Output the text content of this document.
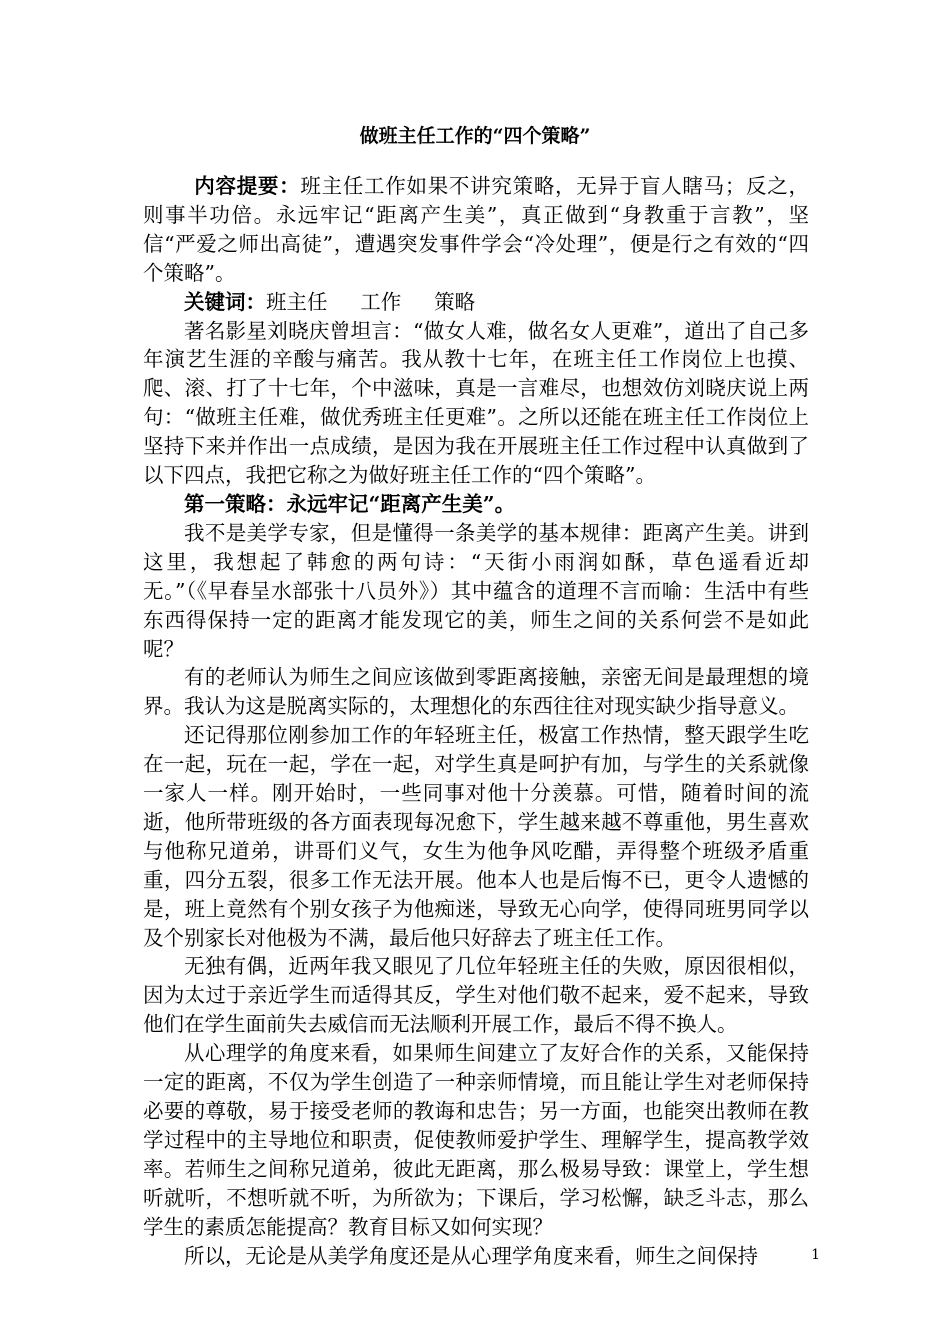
做班主任工作的“四个策略”

内容提要：班主任工作如果不讲究策略，无异于盲人瞎马；反之，则事半功倍。永远牢记“距离产生美”，真正做到“身教重于言教”，坚信“严爱之师出高徒”，遭遇突发事件学会“冷处理”，便是行之有效的“四个策略”。

关键词：班主任 工作 策略

著名影星刘晓庆曾坦言：“做女人难，做名女人更难”，道出了自己多年演艺生涯的辛酸与痛苦。我从教十七年，在班主任工作岗位上也摸、爬、滚、打了十七年，个中滋味，真是一言难尽，也想效仿刘晓庆说上两句：“做班主任难，做优秀班主任更难”。之所以还能在班主任工作岗位上坚持下来并作出一点成绩，是因为我在开展班主任工作过程中认真做到了以下四点，我把它称之为做好班主任工作的“四个策略”。

第一策略：永远牢记“距离产生美”。

我不是美学专家，但是懂得一条美学的基本规律：距离产生美。讲到这里，我想起了韩愈的两句诗：“天街小雨润如酥，草色遥看近却无。”（《早春呈水部张十八员外》）其中蕴含的道理不言而喻：生活中有些东西得保持一定的距离才能发现它的美，师生之间的关系何尝不是如此呢？

有的老师认为师生之间应该做到零距离接触，亲密无间是最理想的境界。我认为这是脱离实际的，太理想化的东西往往对现实缺少指导意义。

还记得那位刚参加工作的年轻班主任，极富工作热情，整天跟学生吃在一起，玩在一起，学在一起，对学生真是呵护有加，与学生的关系就像一家人一样。刚开始时，一些同事对他十分羡慕。可惜，随着时间的流逝，他所带班级的各方面表现每况愈下，学生越来越不尊重他，男生喜欢与他称兄道弟，讲哥们义气，女生为他争风吃醋，弄得整个班级矛盾重重，四分五裂，很多工作无法开展。他本人也是后悔不已，更令人遗憾的是，班上竟然有个别女孩子为他痴迷，导致无心向学，使得同班男同学以及个别家长对他极为不满，最后他只好辞去了班主任工作。

无独有偶，近两年我又眼见了几位年轻班主任的失败，原因很相似，因为太过于亲近学生而适得其反，学生对他们敬不起来，爱不起来，导致他们在学生面前失去威信而无法顺利开展工作，最后不得不换人。

从心理学的角度来看，如果师生间建立了友好合作的关系，又能保持一定的距离，不仅为学生创造了一种亲师情境，而且能让学生对老师保持必要的尊敬，易于接受老师的教诲和忠告；另一方面，也能突出教师在教学过程中的主导地位和职责，促使教师爱护学生、理解学生，提高教学效率。若师生之间称兄道弟，彼此无距离，那么极易导致：课堂上，学生想听就听，不想听就不听，为所欲为；下课后，学习松懈，缺乏斗志，那么学生的素质怎能提高？教育目标又如何实现？

所以，无论是从美学角度还是从心理学角度来看，师生之间保持	1
